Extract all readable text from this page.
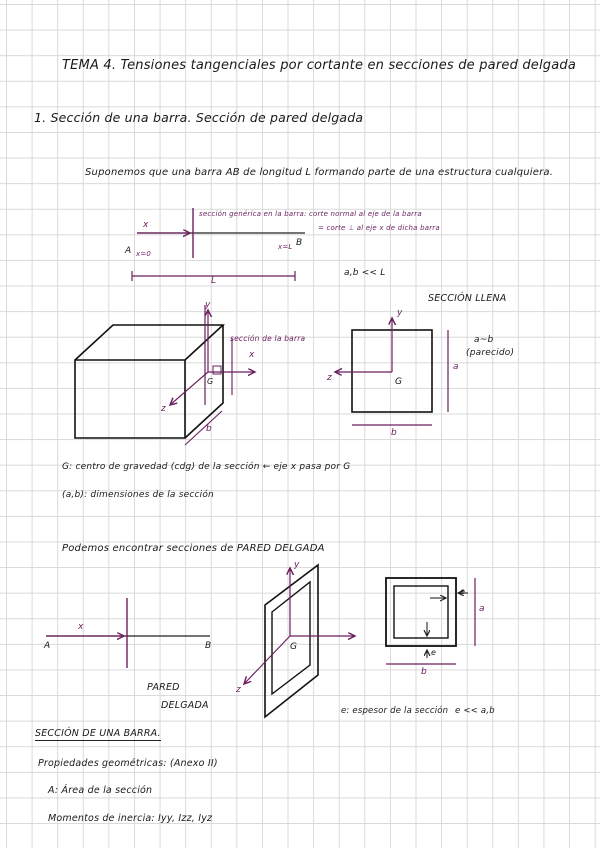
TEMA 4. Tensiones tangenciales por cortante en secciones de pared delgada
1. Sección de una barra. Sección de pared delgada
Suponemos que una barra AB de longitud L formando parte de una estructura cualquiera.
x
A x=0
B
x=L
L
sección genérica en la barra: corte normal al eje de la barra
= corte ⊥ al eje x de dicha barra
a,b << L
y
z
x
G
b
sección de la barra
SECCIÓN LLENA
y
z	G
a
b
a~b
(parecido)
G: centro de gravedad (cdg) de la sección ← eje x pasa por G
(a,b): dimensiones de la sección
Podemos encontrar secciones de PARED DELGADA
x
A	B
PARED
DELGADA
y
z
G
e
e
a
b
e: espesor de la sección e << a,b
SECCIÓN DE UNA BARRA.
Propiedades geométricas: (Anexo II)
A: Área de la sección
Momentos de inercia: Iyy, Izz, Iyz
